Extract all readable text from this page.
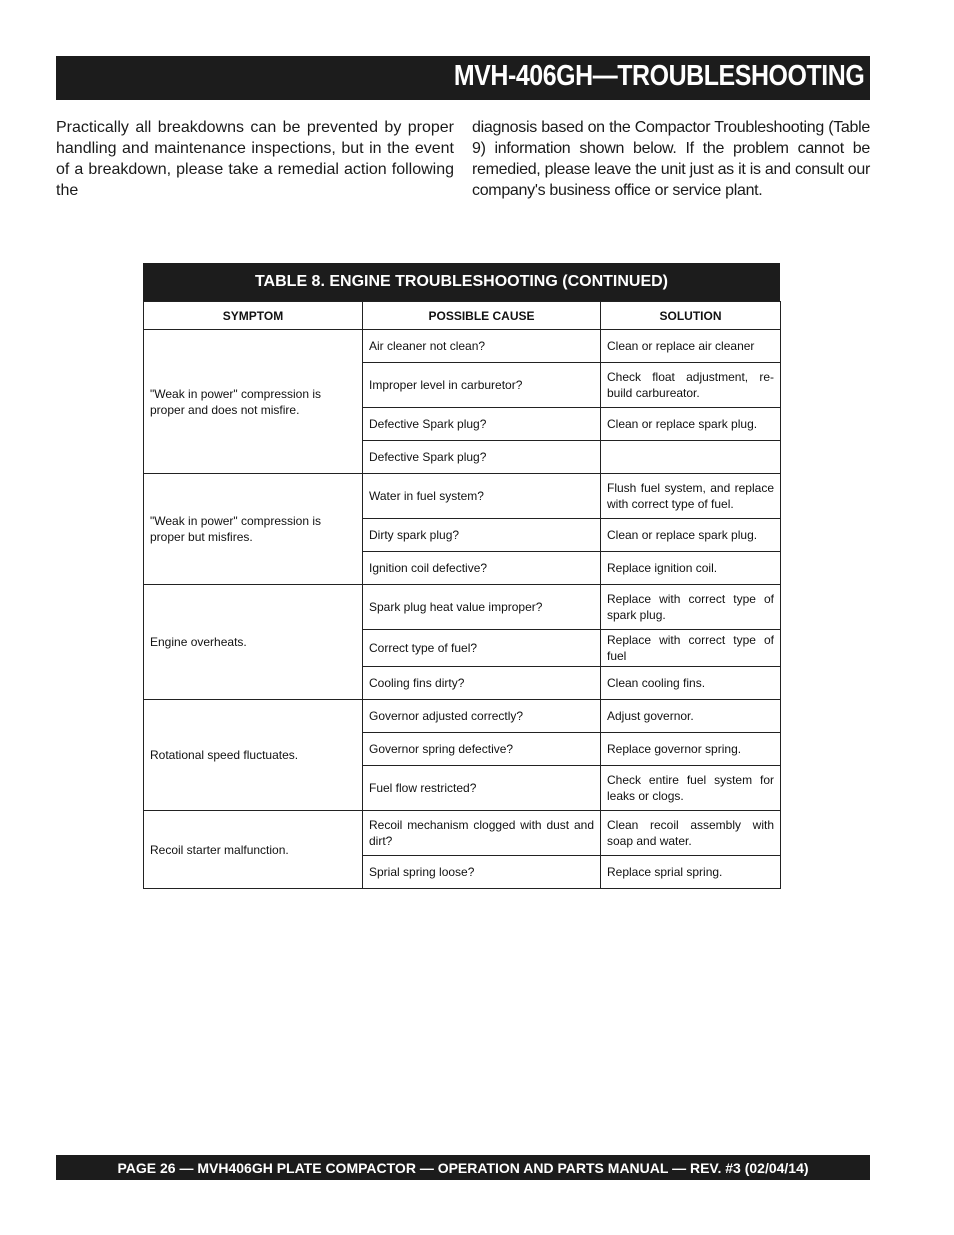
MVH-406GH—TROUBLESHOOTING
Practically all breakdowns can be prevented by proper handling and maintenance inspections, but in the event of a breakdown, please take a remedial action following the
diagnosis based on the Compactor Troubleshooting (Table 9) information shown below. If the problem cannot be remedied, please leave the unit just as it is and consult our company's business office or service plant.
TABLE 8. ENGINE TROUBLESHOOTING (CONTINUED)
SYMPTOM	POSSIBLE CAUSE	SOLUTION
"Weak in power" compression is proper and does not misfire.	Air cleaner not clean?	Clean or replace air cleaner
	Improper level in carburetor?	Check float adjustment, re-build carbureator.
	Defective Spark plug?	Clean or replace spark plug.
	Defective Spark plug?	
"Weak in power" compression is proper but misfires.	Water in fuel system?	Flush fuel system, and replace with correct type of fuel.
	Dirty spark plug?	Clean or replace spark plug.
	Ignition coil defective?	Replace ignition coil.
Engine overheats.	Spark plug heat value improper?	Replace with correct type of spark plug.
	Correct type of fuel?	Replace with correct type of fuel
	Cooling fins dirty?	Clean cooling fins.
Rotational speed fluctuates.	Governor adjusted correctly?	Adjust governor.
	Governor spring defective?	Replace governor spring.
	Fuel flow restricted?	Check entire fuel system for leaks or clogs.
Recoil starter malfunction.	Recoil mechanism clogged with dust and dirt?	Clean recoil assembly with soap and water.
	Sprial spring loose?	Replace sprial spring.
PAGE 26 — MVH406GH PLATE COMPACTOR — OPERATION AND PARTS MANUAL — REV. #3 (02/04/14)
